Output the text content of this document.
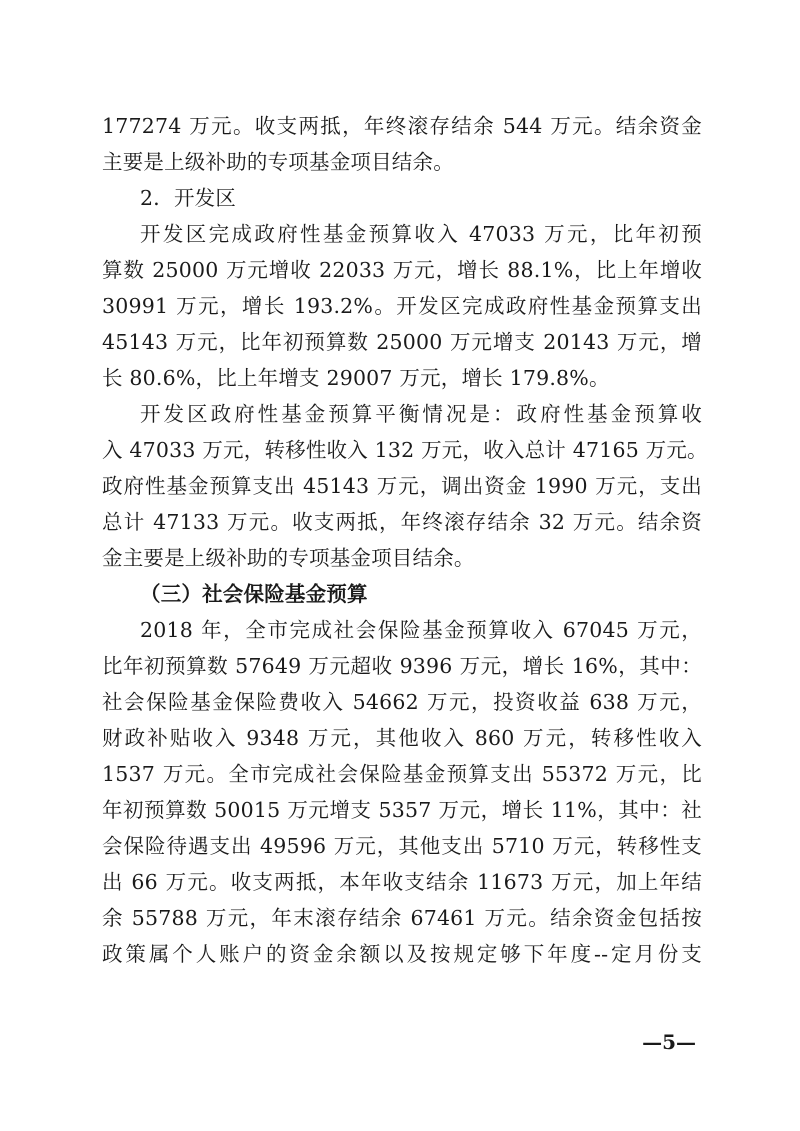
177274 万元。收支两抵，年终滚存结余 544 万元。结余资金
主要是上级补助的专项基金项目结余。
2．开发区
开发区完成政府性基金预算收入 47033 万元，比年初预
算数 25000 万元增收 22033 万元，增长 88.1%，比上年增收
30991 万元，增长 193.2%。开发区完成政府性基金预算支出
45143 万元，比年初预算数 25000 万元增支 20143 万元，增
长 80.6%，比上年增支 29007 万元，增长 179.8%。
开发区政府性基金预算平衡情况是：政府性基金预算收
入 47033 万元，转移性收入 132 万元，收入总计 47165 万元。
政府性基金预算支出 45143 万元，调出资金 1990 万元，支出
总计 47133 万元。收支两抵，年终滚存结余 32 万元。结余资
金主要是上级补助的专项基金项目结余。
（三）社会保险基金预算
2018 年，全市完成社会保险基金预算收入 67045 万元，
比年初预算数 57649 万元超收 9396 万元，增长 16%，其中：
社会保险基金保险费收入 54662 万元，投资收益 638 万元，
财政补贴收入 9348 万元，其他收入 860 万元，转移性收入
1537 万元。全市完成社会保险基金预算支出 55372 万元，比
年初预算数 50015 万元增支 5357 万元，增长 11%，其中：社
会保险待遇支出 49596 万元，其他支出 5710 万元，转移性支
出 66 万元。收支两抵，本年收支结余 11673 万元，加上年结
余 55788 万元，年末滚存结余 67461 万元。结余资金包括按
政策属个人账户的资金余额以及按规定够下年度--定月份支
—5—
